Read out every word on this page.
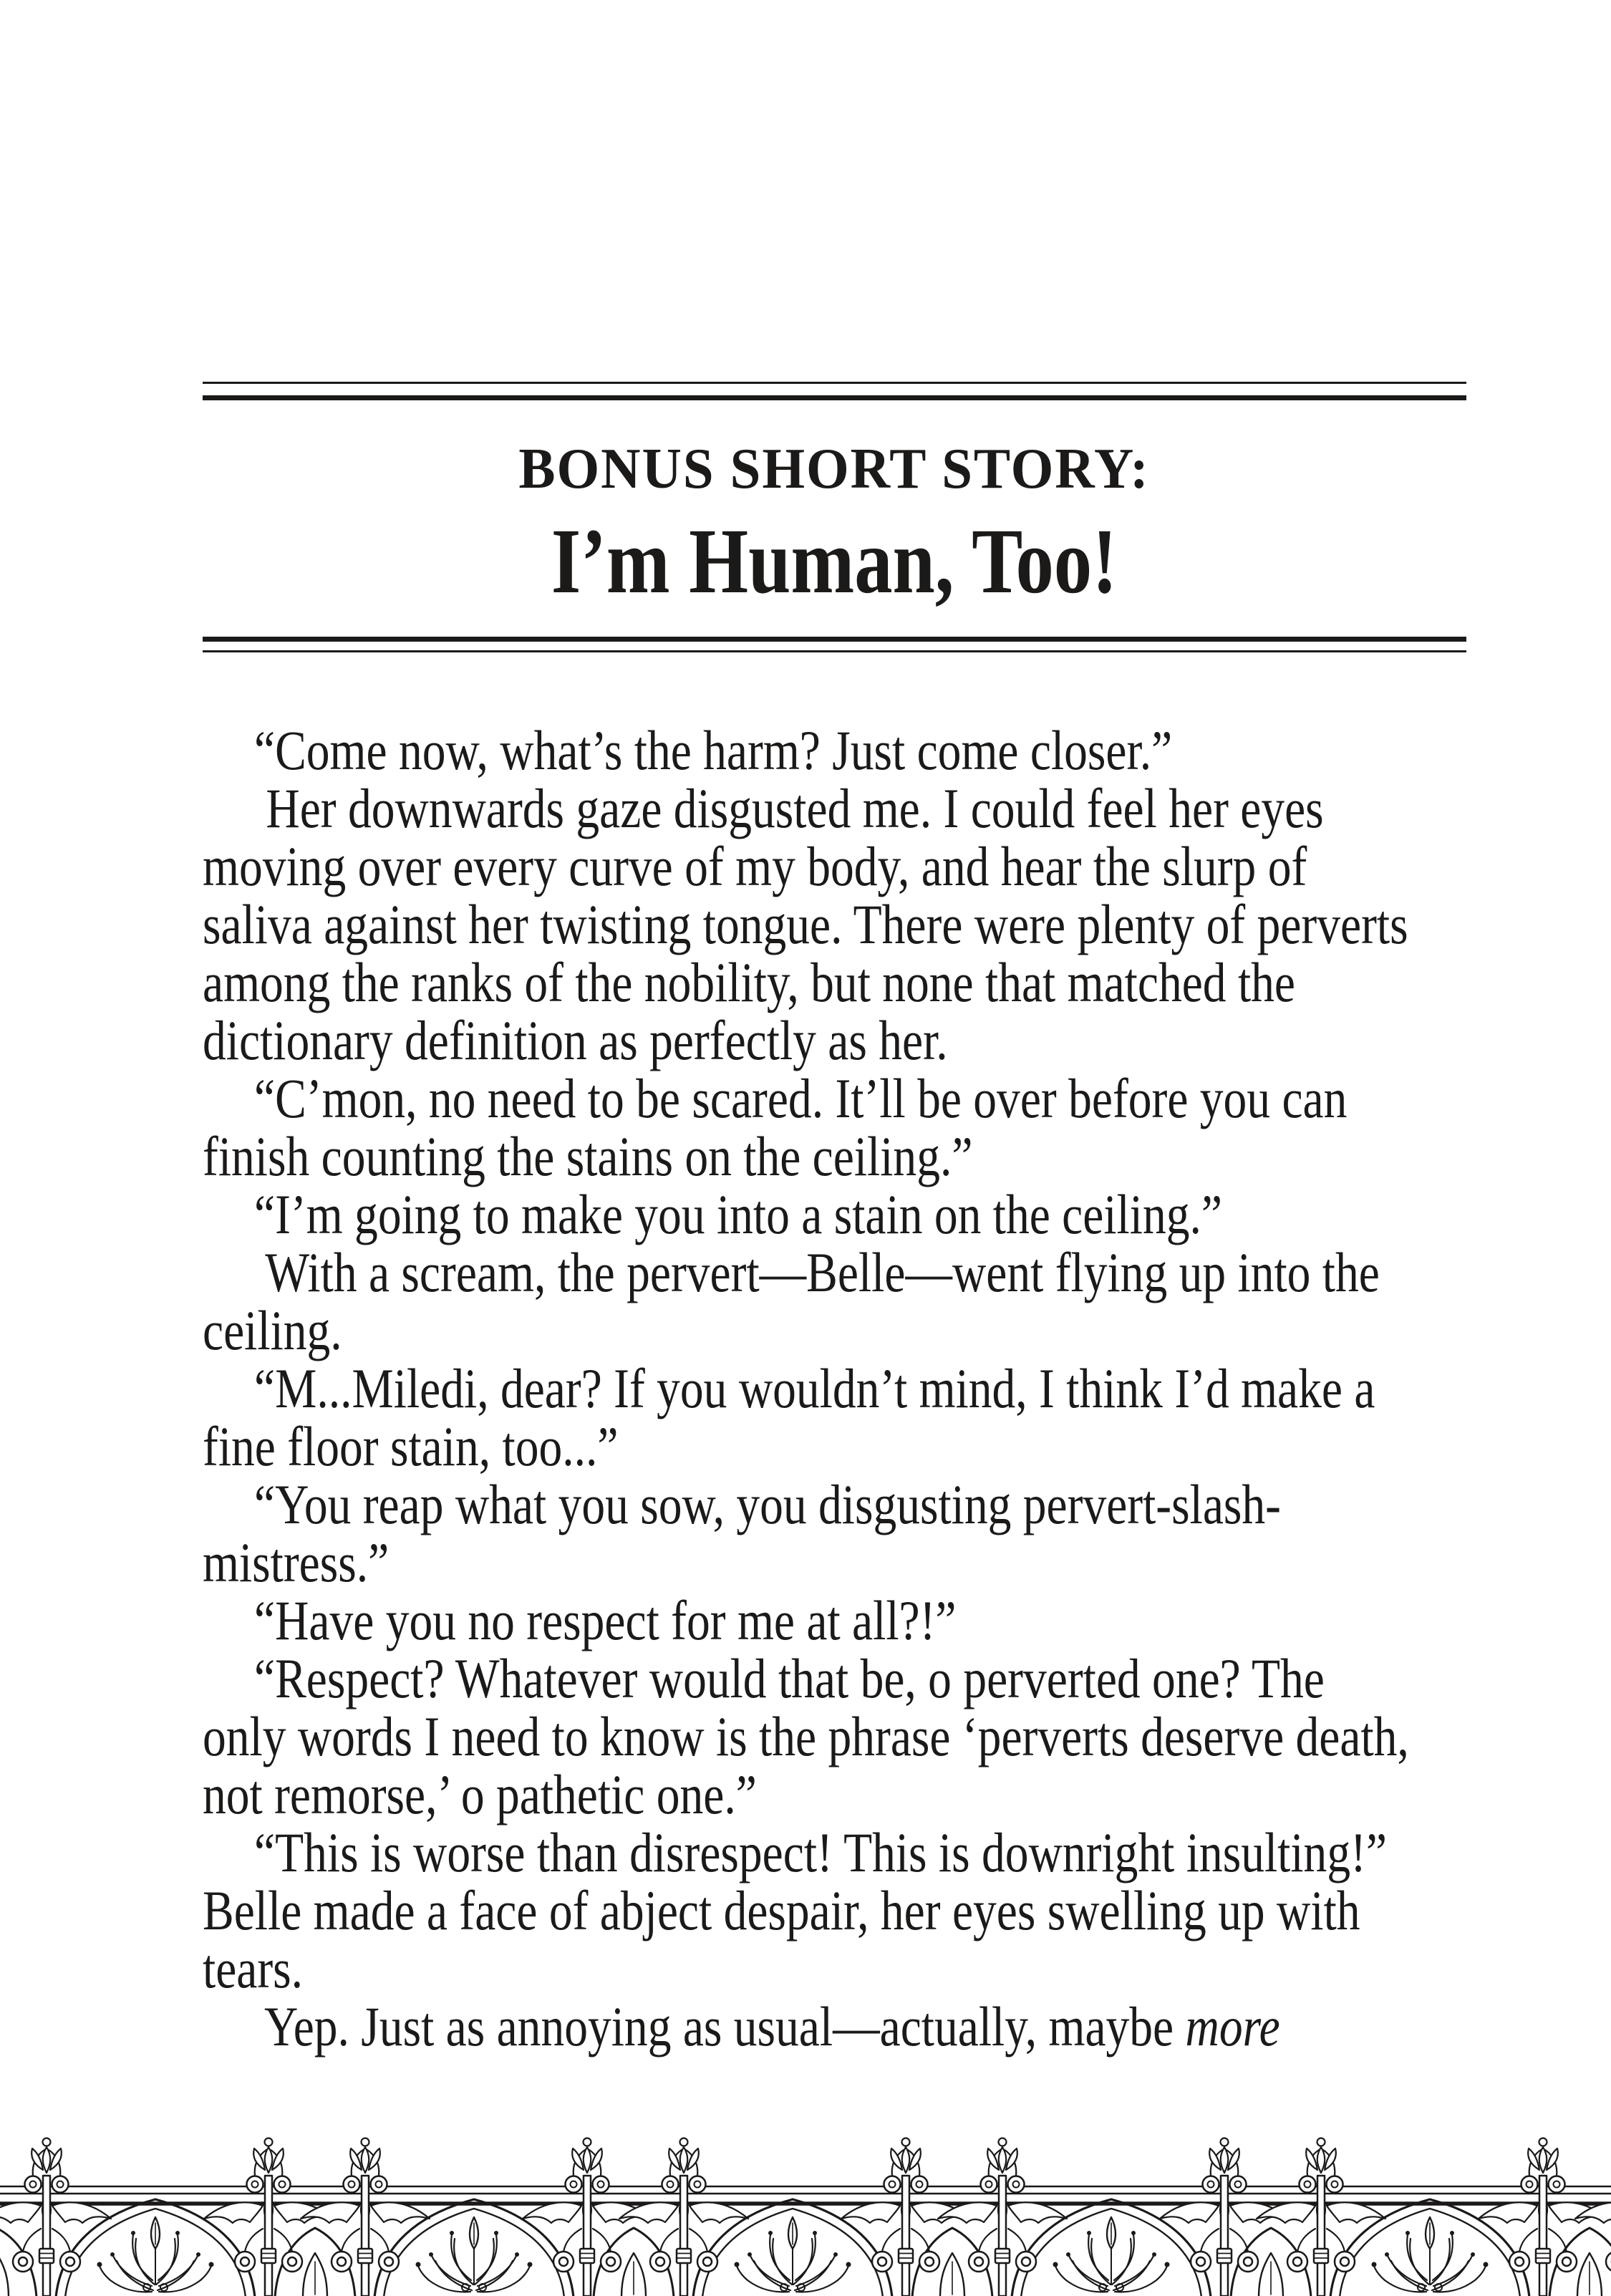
BONUS SHORT STORY:
I’m Human, Too!
“Come now, what’s the harm? Just come closer.”
Her downwards gaze disgusted me. I could feel her eyes
moving over every curve of my body, and hear the slurp of
saliva against her twisting tongue. There were plenty of perverts
among the ranks of the nobility, but none that matched the
dictionary definition as perfectly as her.
“C’mon, no need to be scared. It’ll be over before you can
finish counting the stains on the ceiling.”
“I’m going to make you into a stain on the ceiling.”
With a scream, the pervert—Belle—went flying up into the
ceiling.
“M...Miledi, dear? If you wouldn’t mind, I think I’d make a
fine floor stain, too...”
“You reap what you sow, you disgusting pervert-slash-
mistress.”
“Have you no respect for me at all?!”
“Respect? Whatever would that be, o perverted one? The
only words I need to know is the phrase ‘perverts deserve death,
not remorse,’ o pathetic one.”
“This is worse than disrespect! This is downright insulting!”
Belle made a face of abject despair, her eyes swelling up with
tears.
Yep. Just as annoying as usual—actually, maybe more
